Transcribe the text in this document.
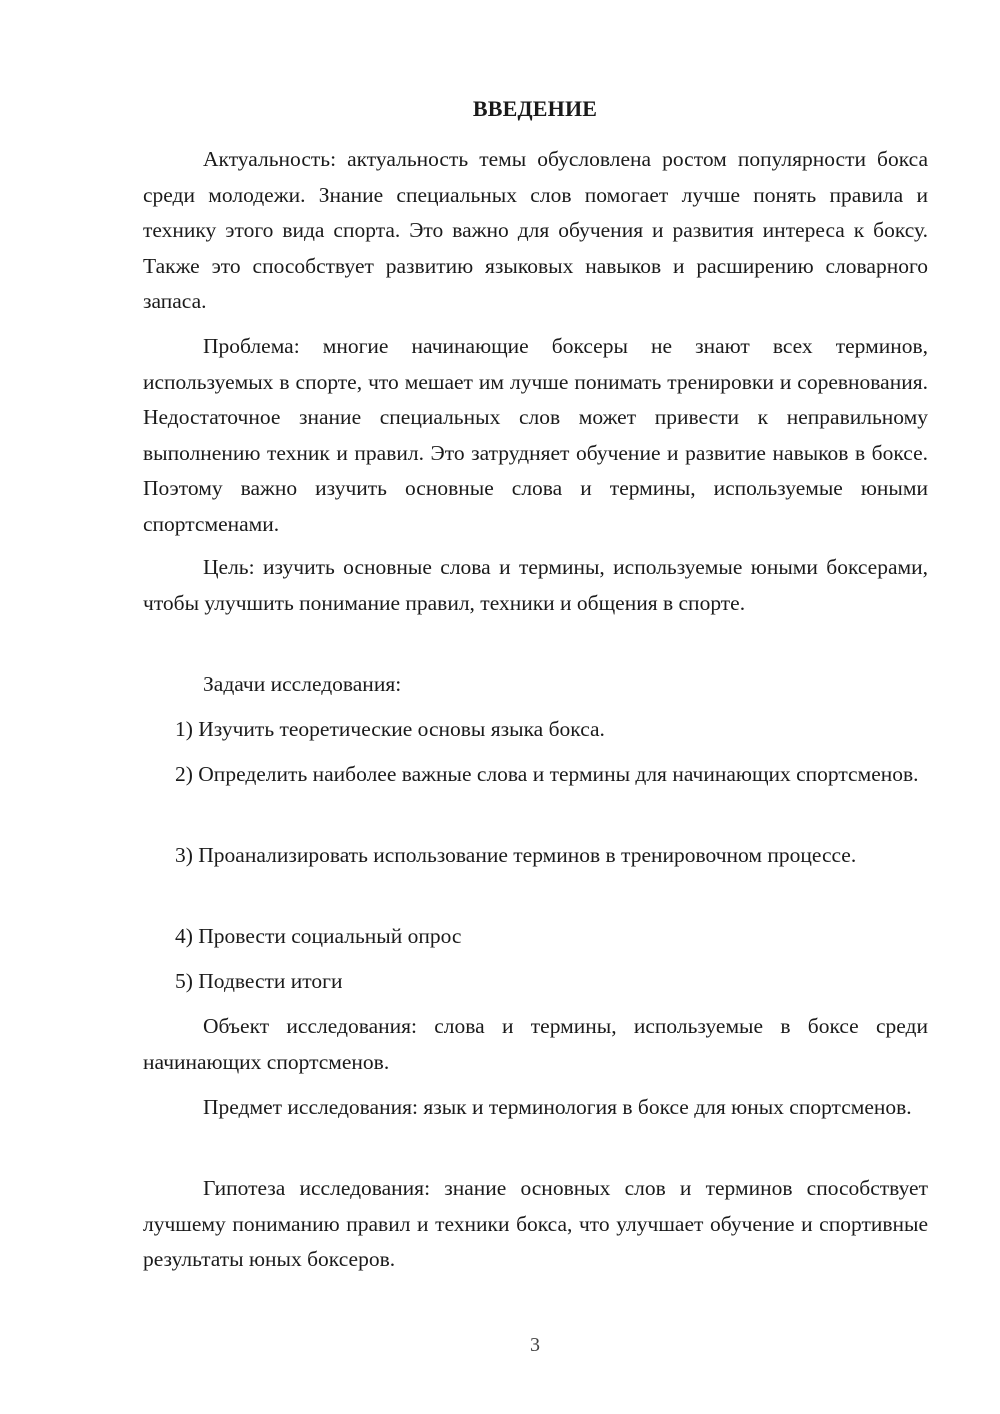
ВВЕДЕНИЕ

Актуальность: актуальность темы обусловлена ростом популярности бокса среди молодежи. Знание специальных слов помогает лучше понять правила и технику этого вида спорта. Это важно для обучения и развития интереса к боксу. Также это способствует развитию языковых навыков и расширению словарного запаса.

Проблема: многие начинающие боксеры не знают всех терминов, используемых в спорте, что мешает им лучше понимать тренировки и соревнования. Недостаточное знание специальных слов может привести к неправильному выполнению техник и правил. Это затрудняет обучение и развитие навыков в боксе. Поэтому важно изучить основные слова и термины, используемые юными спортсменами.

Цель: изучить основные слова и термины, используемые юными боксерами, чтобы улучшить понимание правил, техники и общения в спорте.

Задачи исследования:

1) Изучить теоретические основы языка бокса.

2) Определить наиболее важные слова и термины для начинающих спортсменов.

3) Проанализировать использование терминов в тренировочном процессе.

4) Провести социальный опрос

5) Подвести итоги

Объект исследования: слова и термины, используемые в боксе среди начинающих спортсменов.

Предмет исследования: язык и терминология в боксе для юных спортсменов.

Гипотеза исследования: знание основных слов и терминов способствует лучшему пониманию правил и техники бокса, что улучшает обучение и спортивные результаты юных боксеров.

3
